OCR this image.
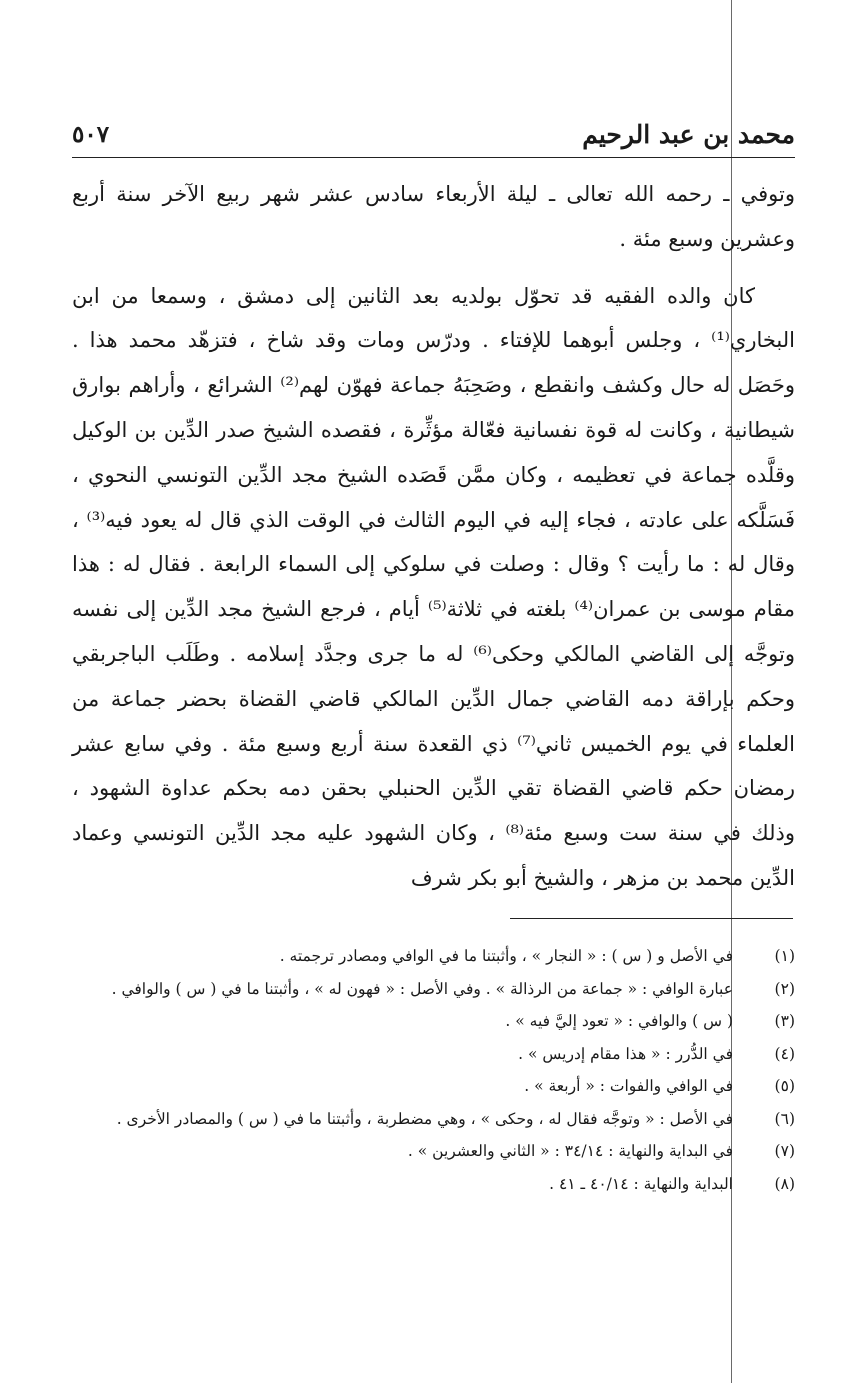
محمد بن عبد الرحيم
٥٠٧

وتوفي ـ رحمه الله تعالى ـ ليلة الأربعاء سادس عشر شهر ربيع الآخر سنة أربع وعشرين وسبع مئة .

كان والده الفقيه قد تحوّل بولديه بعد الثانين إلى دمشق ، وسمعا من ابن البخاري⁽¹⁾ ، وجلس أبوهما للإفتاء . ودرّس ومات وقد شاخ ، فتزهّد محمد هذا . وحَصَل له حال وكشف وانقطع ، وصَحِبَهُ جماعة فهوّن لهم⁽²⁾ الشرائع ، وأراهم بوارق شيطانية ، وكانت له قوة نفسانية فعّالة مؤثِّرة ، فقصده الشيخ صدر الدِّين بن الوكيل وقلَّده جماعة في تعظيمه ، وكان ممَّن قَصَده الشيخ مجد الدِّين التونسي النحوي ، فَسَلَّكه على عادته ، فجاء إليه في اليوم الثالث في الوقت الذي قال له يعود فيه⁽³⁾ ، وقال له : ما رأيت ؟ وقال : وصلت في سلوكي إلى السماء الرابعة . فقال له : هذا مقام موسى بن عمران⁽⁴⁾ بلغته في ثلاثة⁽⁵⁾ أيام ، فرجع الشيخ مجد الدِّين إلى نفسه وتوجَّه إلى القاضي المالكي وحكى⁽⁶⁾ له ما جرى وجدَّد إسلامه . وطَلَب الباجربقي وحكم بإراقة دمه القاضي جمال الدِّين المالكي قاضي القضاة بحضر جماعة من العلماء في يوم الخميس ثاني⁽⁷⁾ ذي القعدة سنة أربع وسبع مئة . وفي سابع عشر رمضان حكم قاضي القضاة تقي الدِّين الحنبلي بحقن دمه بحكم عداوة الشهود ، وذلك في سنة ست وسبع مئة⁽⁸⁾ ، وكان الشهود عليه مجد الدِّين التونسي وعماد الدِّين محمد بن مزهر ، والشيخ أبو بكر شرف

(١)
في الأصل و ( س ) : « النجار » ، وأثبتنا ما في الوافي ومصادر ترجمته .
(٢)
عبارة الوافي : « جماعة من الرذالة » . وفي الأصل : « فهون له » ، وأثبتنا ما في ( س ) والوافي .
(٣)
( س ) والوافي : « تعود إليَّ فيه » .
(٤)
في الدُّرر : « هذا مقام إدريس » .
(٥)
في الوافي والفوات : « أربعة » .
(٦)
في الأصل : « وتوجَّه فقال له ، وحكى » ، وهي مضطربة ، وأثبتنا ما في ( س ) والمصادر الأخرى .
(٧)
في البداية والنهاية : ٣٤/١٤ : « الثاني والعشرين » .
(٨)
البداية والنهاية : ٤٠/١٤ ـ ٤١ .
